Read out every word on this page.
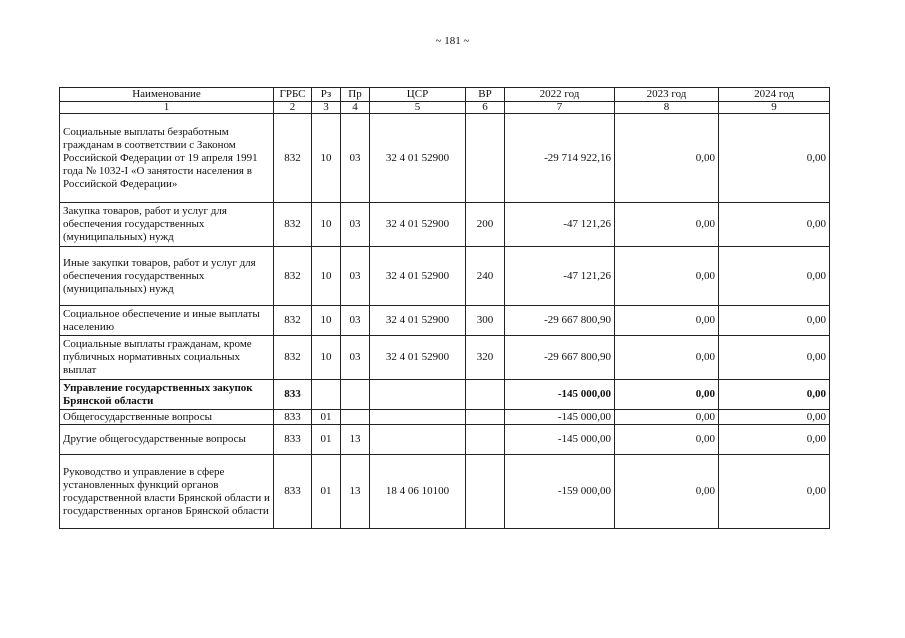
~ 181 ~
Наименование	ГРБС	Рз	Пр	ЦСР	ВР	2022 год	2023 год	2024 год
1	2	3	4	5	6	7	8	9
Социальные выплаты безработным гражданам в соответствии с Законом Российской Федерации от 19 апреля 1991 года № 1032-I «О занятости населения в Российской Федерации»	832	10	03	32 4 01 52900		-29 714 922,16	0,00	0,00
Закупка товаров, работ и услуг для обеспечения государственных (муниципальных) нужд	832	10	03	32 4 01 52900	200	-47 121,26	0,00	0,00
Иные закупки товаров, работ и услуг для обеспечения государственных (муниципальных) нужд	832	10	03	32 4 01 52900	240	-47 121,26	0,00	0,00
Социальное обеспечение и иные выплаты населению	832	10	03	32 4 01 52900	300	-29 667 800,90	0,00	0,00
Социальные выплаты гражданам, кроме публичных нормативных социальных выплат	832	10	03	32 4 01 52900	320	-29 667 800,90	0,00	0,00
Управление государственных закупок Брянской области	833					-145 000,00	0,00	0,00
Общегосударственные вопросы	833	01				-145 000,00	0,00	0,00
Другие общегосударственные вопросы	833	01	13			-145 000,00	0,00	0,00
Руководство и управление в сфере установленных функций органов государственной власти Брянской области и государственных органов Брянской области	833	01	13	18 4 06 10100		-159 000,00	0,00	0,00
